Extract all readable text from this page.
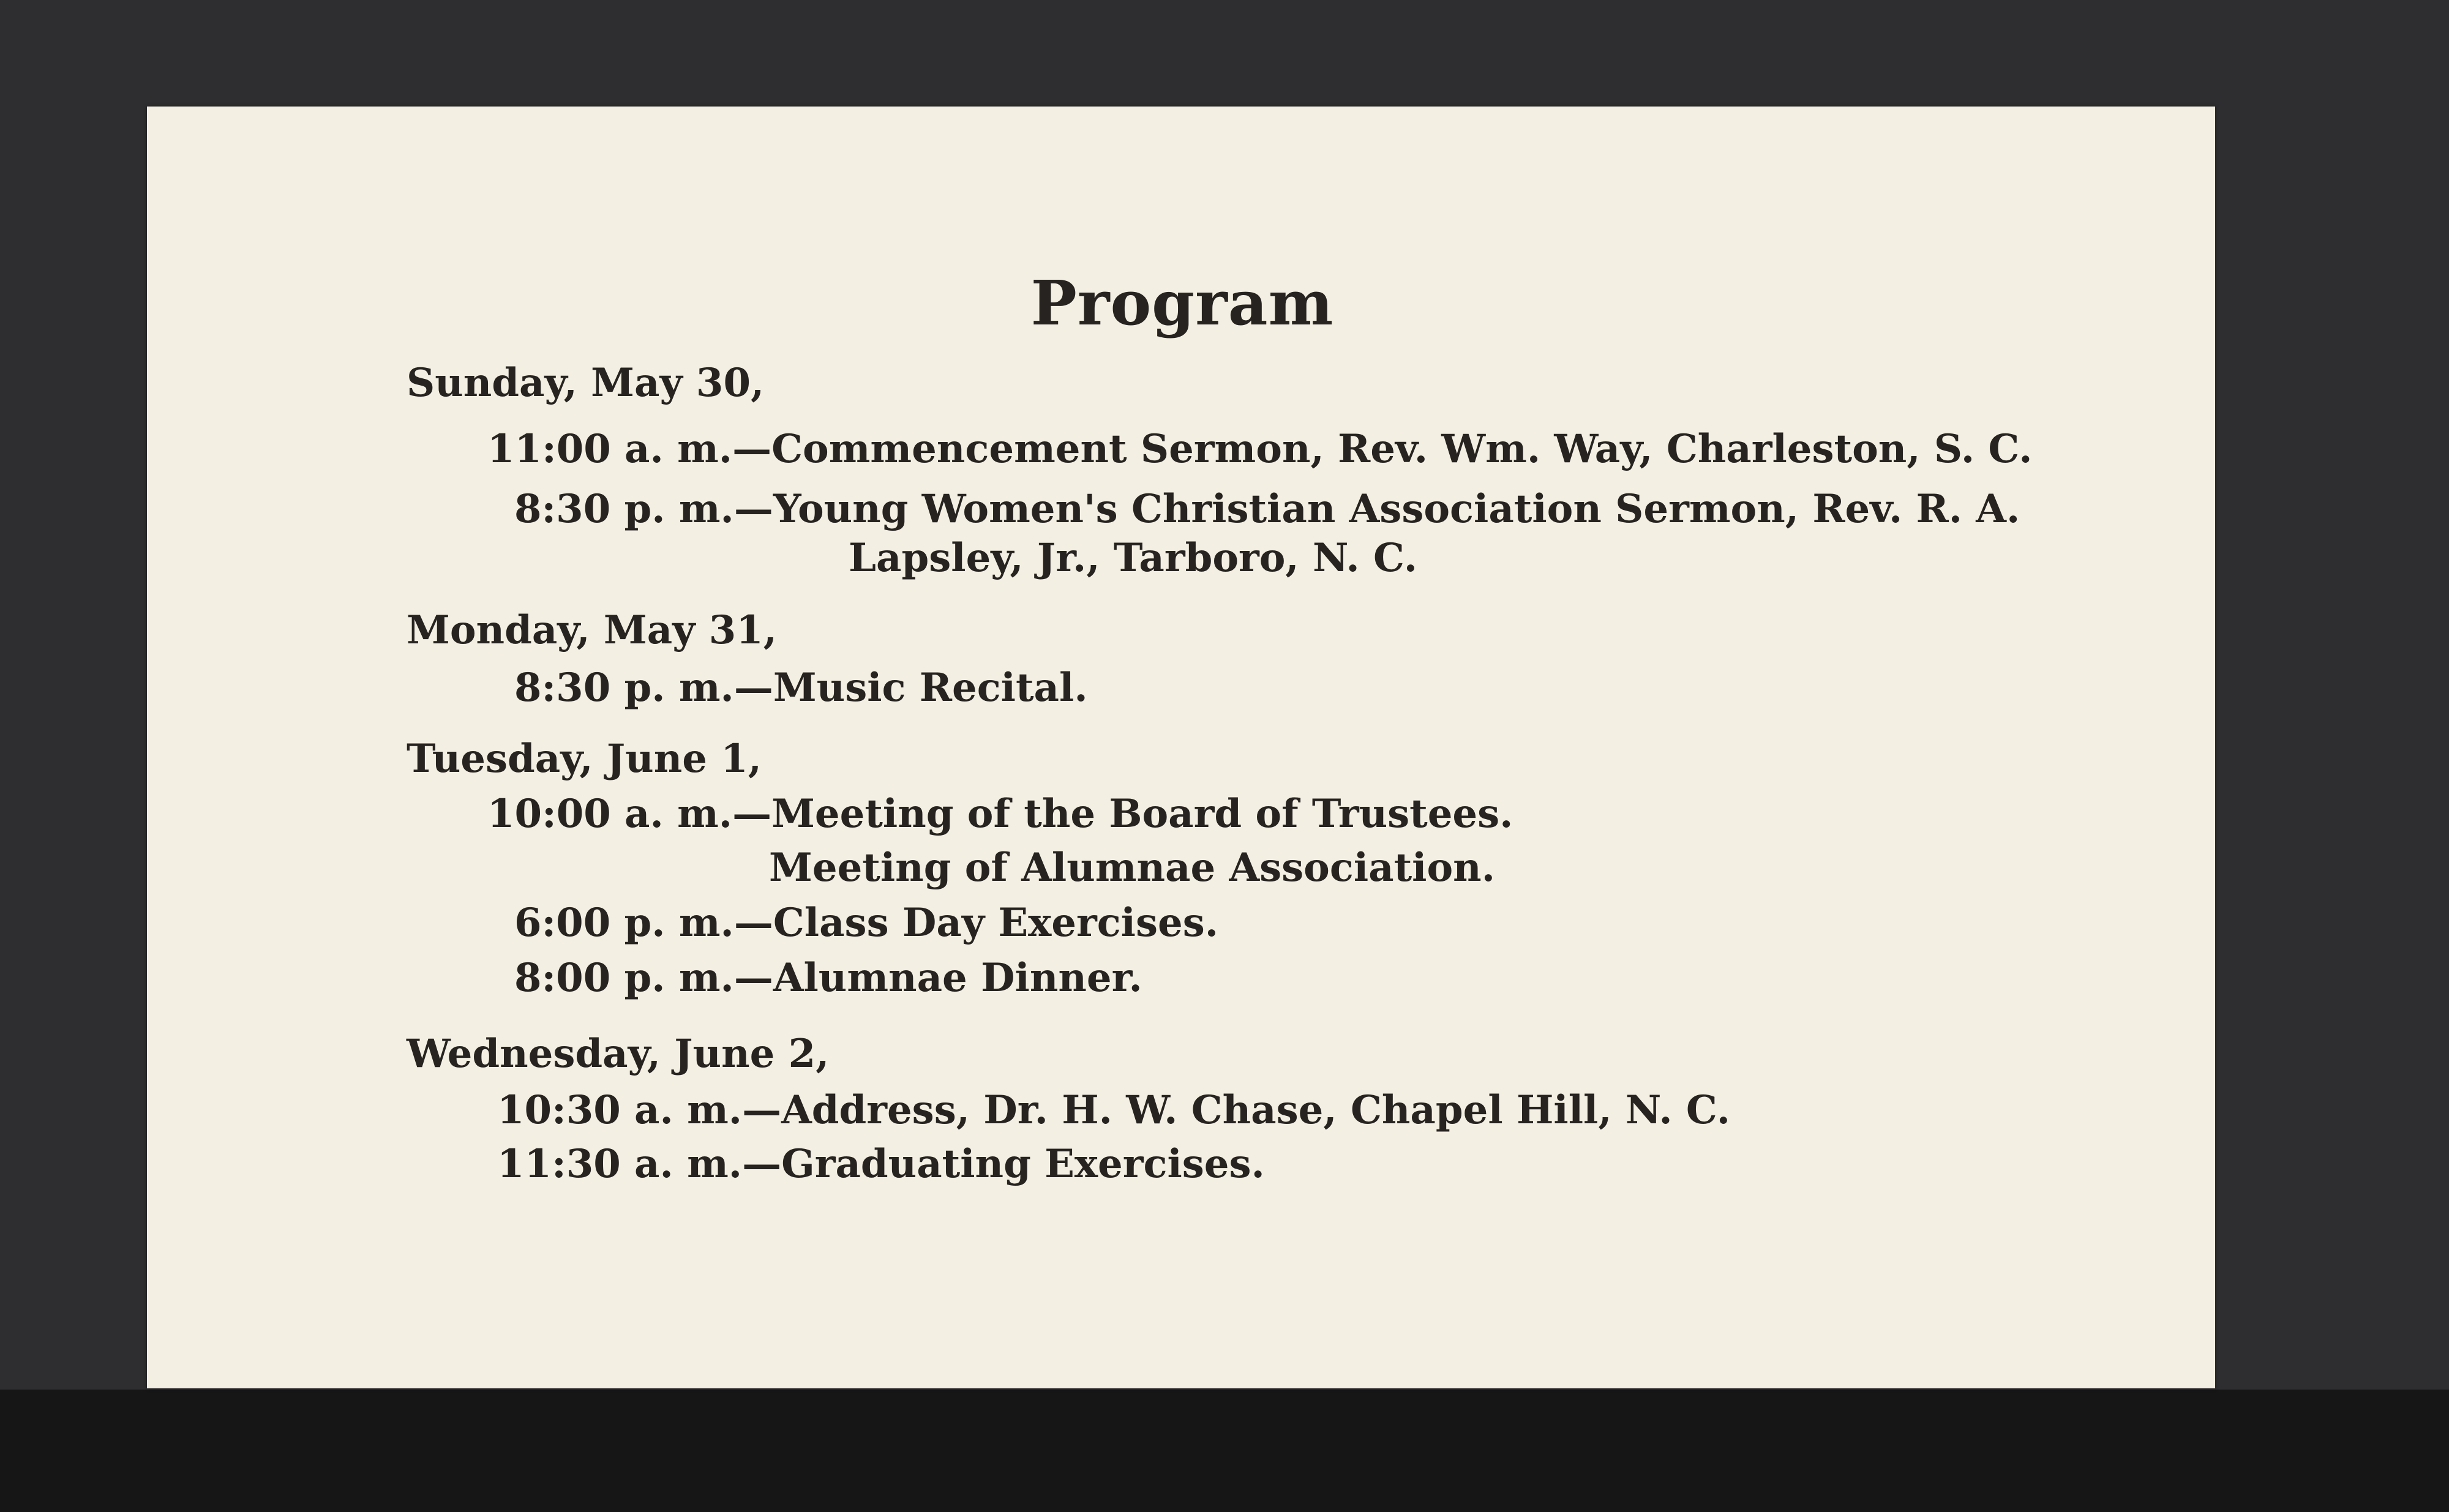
Program
Sunday, May 30,
11:00 a. m.—Commencement Sermon, Rev. Wm. Way, Charleston, S. C.
8:30 p. m.—Young Women's Christian Association Sermon, Rev. R. A.
Lapsley, Jr., Tarboro, N. C.
Monday, May 31,
8:30 p. m.—Music Recital.
Tuesday, June 1,
10:00 a. m.—Meeting of the Board of Trustees.
Meeting of Alumnae Association.
6:00 p. m.—Class Day Exercises.
8:00 p. m.—Alumnae Dinner.
Wednesday, June 2,
10:30 a. m.—Address, Dr. H. W. Chase, Chapel Hill, N. C.
11:30 a. m.—Graduating Exercises.
